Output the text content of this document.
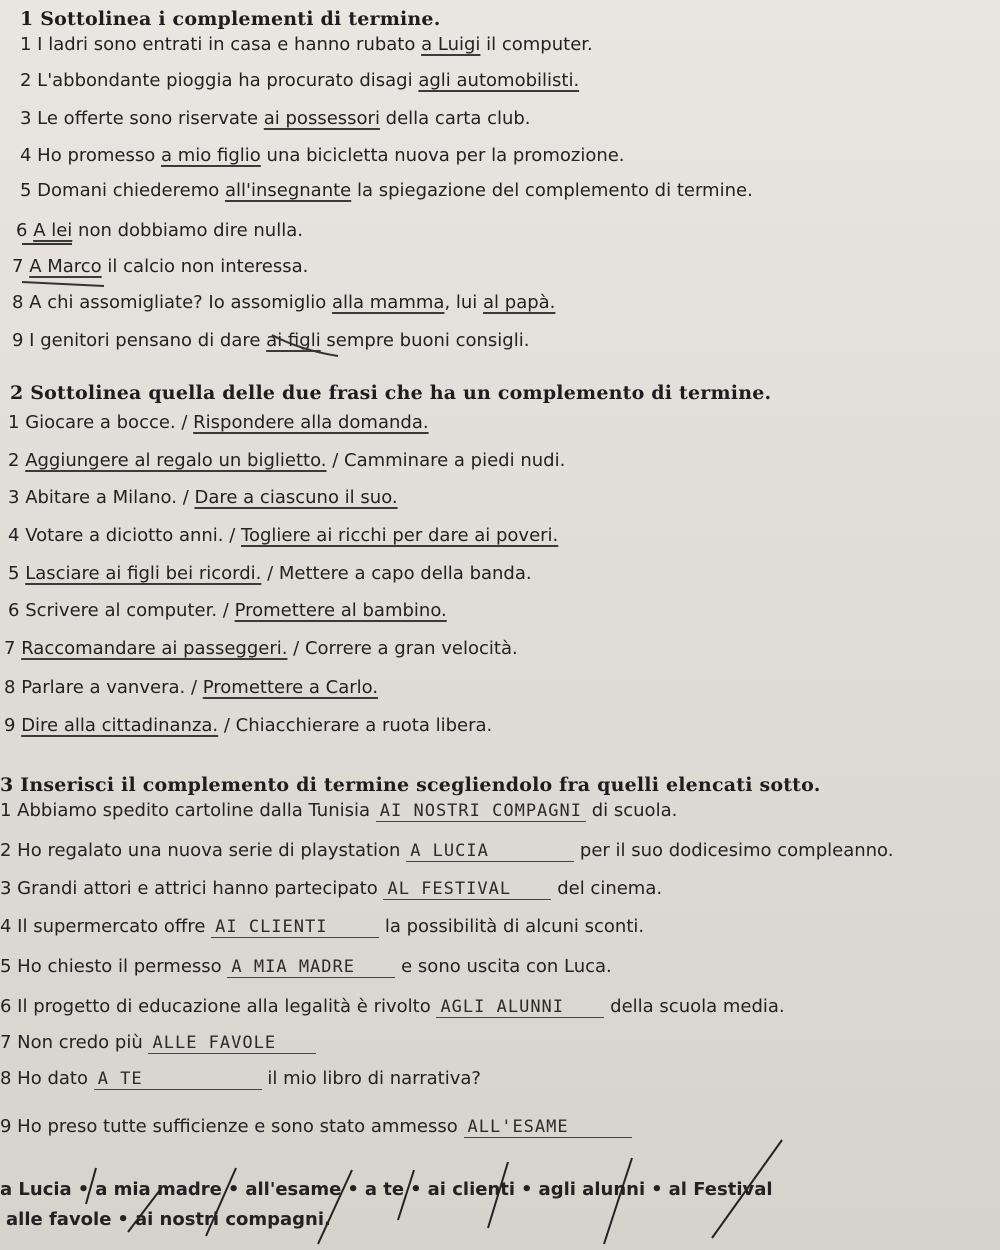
1 Sottolinea i complementi di termine.
1 I ladri sono entrati in casa e hanno rubato a Luigi il computer.
2 L'abbondante pioggia ha procurato disagi agli automobilisti.
3 Le offerte sono riservate ai possessori della carta club.
4 Ho promesso a mio figlio una bicicletta nuova per la promozione.
5 Domani chiederemo all'insegnante la spiegazione del complemento di termine.
6 A lei non dobbiamo dire nulla.
7 A Marco il calcio non interessa.
8 A chi assomigliate? Io assomiglio alla mamma, lui al papà.
9 I genitori pensano di dare ai figli sempre buoni consigli.
2 Sottolinea quella delle due frasi che ha un complemento di termine.
1 Giocare a bocce. / Rispondere alla domanda.
2 Aggiungere al regalo un biglietto. / Camminare a piedi nudi.
3 Abitare a Milano. / Dare a ciascuno il suo.
4 Votare a diciotto anni. / Togliere ai ricchi per dare ai poveri.
5 Lasciare ai figli bei ricordi. / Mettere a capo della banda.
6 Scrivere al computer. / Promettere al bambino.
7 Raccomandare ai passeggeri. / Correre a gran velocità.
8 Parlare a vanvera. / Promettere a Carlo.
9 Dire alla cittadinanza. / Chiacchierare a ruota libera.
3 Inserisci il complemento di termine scegliendolo fra quelli elencati sotto.
1 Abbiamo spedito cartoline dalla Tunisia AI NOSTRI COMPAGNI di scuola.
2 Ho regalato una nuova serie di playstation A LUCIA	per il suo dodicesimo compleanno.
3 Grandi attori e attrici hanno partecipato AL FESTIVAL del cinema.
4 Il supermercato offre AI CLIENTI	la possibilità di alcuni sconti.
5 Ho chiesto il permesso A MIA MADRE e sono uscita con Luca.
6 Il progetto di educazione alla legalità è rivolto AGLI ALUNNI della scuola media.
7 Non credo più ALLE FAVOLE
8 Ho dato A TE	il mio libro di narrativa?
9 Ho preso tutte sufficienze e sono stato ammesso ALL'ESAME
a Lucia • a mia madre • all'esame • a te • ai clienti • agli alunni • al Festival
alle favole • ai nostri compagni.
